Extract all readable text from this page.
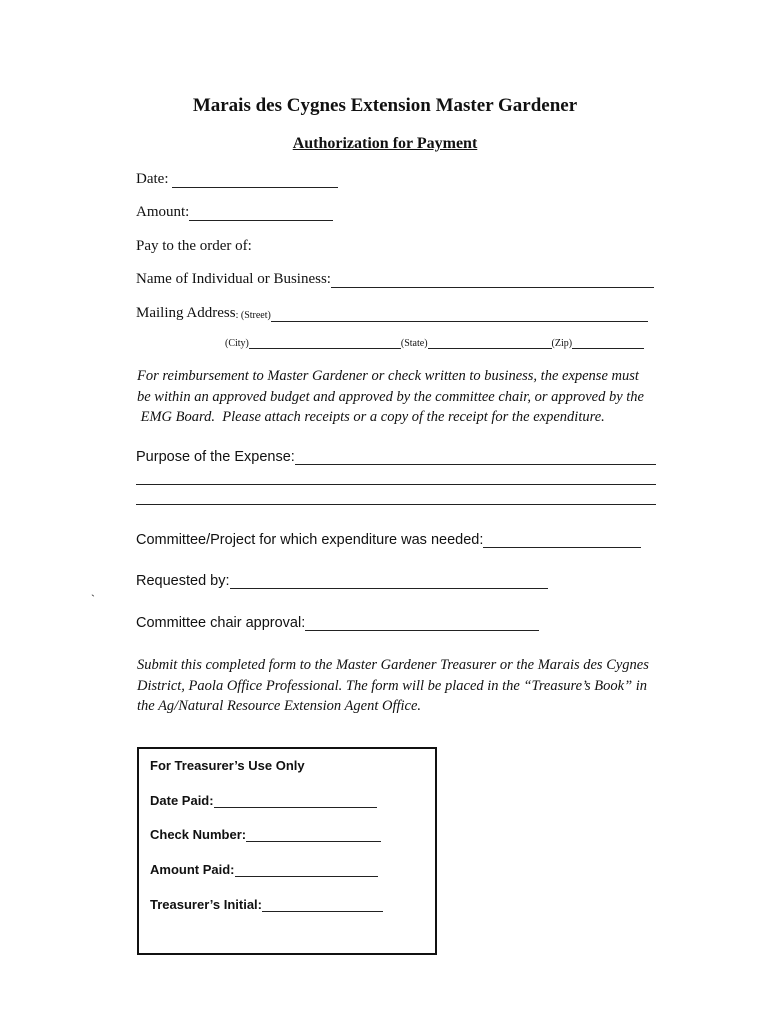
Marais des Cygnes Extension Master Gardener
Authorization for Payment
Date:
Amount:
Pay to the order of:
Name of Individual or Business:
Mailing Address : (Street)
(City)	(State)	(Zip)

For reimbursement to Master Gardener or check written to business, the expense must

be within an approved budget and approved by the committee chair, or approved by the

EMG Board.  Please attach receipts or a copy of the receipt for the expenditure.

Purpose of the Expense:
Committee/Project for which expenditure was needed:
Requested by:
`
Committee chair approval:

Submit this completed form to the Master Gardener Treasurer or the Marais des Cygnes

District, Paola Office Professional. The form will be placed in the “Treasure’s Book” in

the Ag/Natural Resource Extension Agent Office.

For Treasurer’s Use Only
Date Paid:
Check Number:
Amount Paid:
Treasurer’s Initial:
